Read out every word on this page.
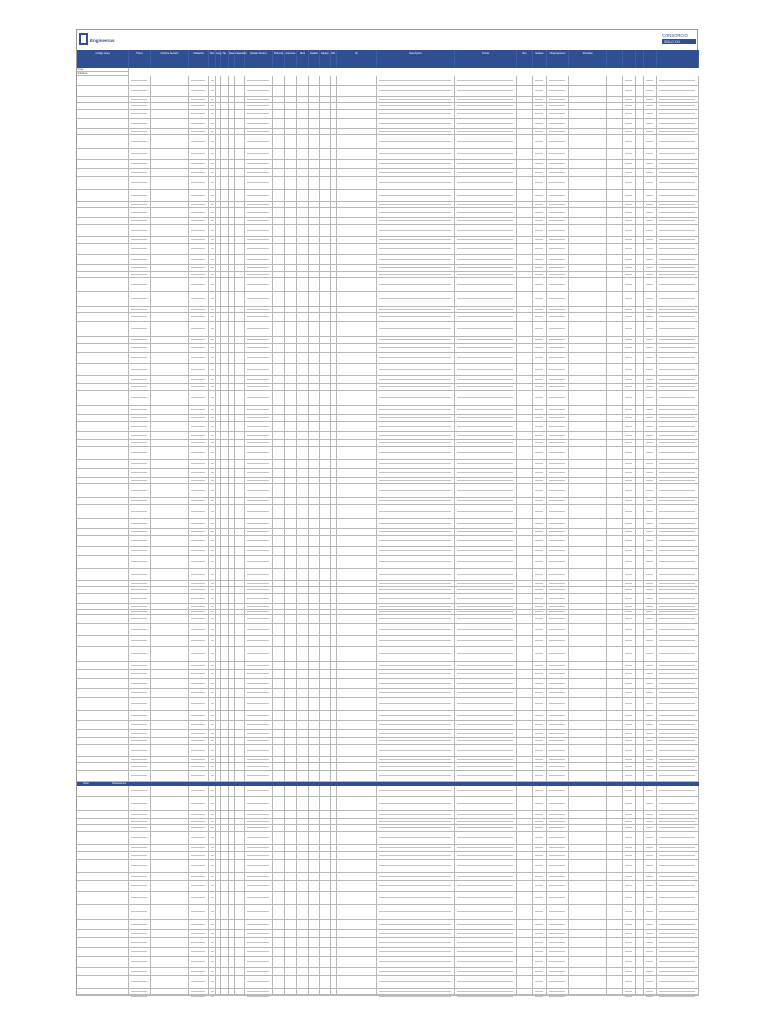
Engineerus
CONSORCIO
SIGLO XXI
Código Linea	Tramo	Nombre Sección	Ubicación	Tipo Long. Tip.	Fase Capacidad	Detalle Técnico	Potencia	Corriente	Nivel	Estado	Equipo	Ref.	ID	Descripción	Fecha	Rev	Estatus	Observaciones	Prioridad
Área
Subárea
Área	Subestación
